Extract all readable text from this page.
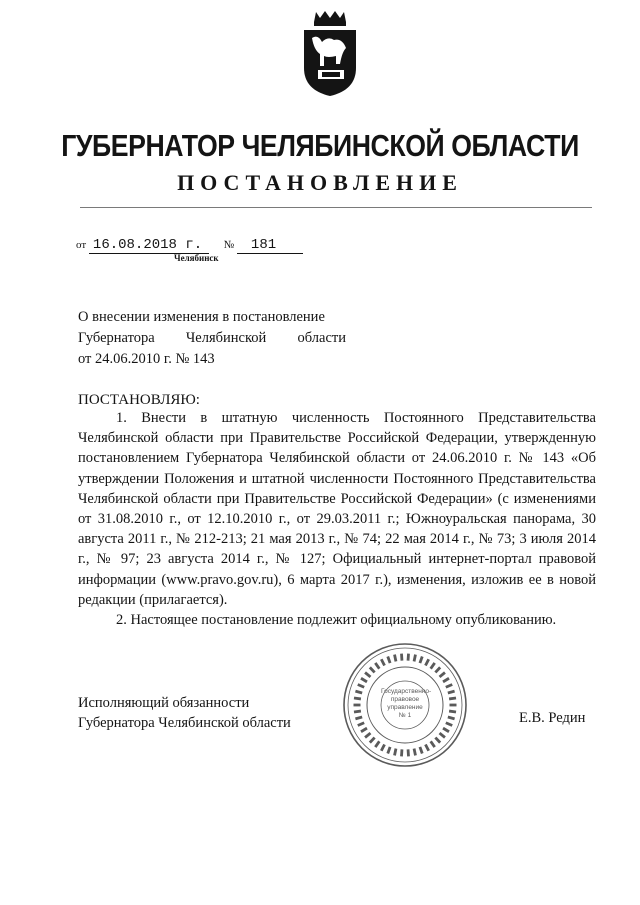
ГУБЕРНАТОР ЧЕЛЯБИНСКОЙ ОБЛАСТИ
ПОСТАНОВЛЕНИЕ
от 16.08.2018 г. № 181
Челябинск
О внесении изменения в постановление
Губернатора Челябинской области
от 24.06.2010 г. № 143
ПОСТАНОВЛЯЮ:

1. Внести в штатную численность Постоянного Представительства Челябинской области при Правительстве Российской Федерации, утвержденную постановлением Губернатора Челябинской области от 24.06.2010 г. № 143 «Об утверждении Положения и штатной численности Постоянного Представительства Челябинской области при Правительстве Российской Федерации» (с изменениями от 31.08.2010 г., от 12.10.2010 г., от 29.03.2011 г.; Южноуральская панорама, 30 августа 2011 г., № 212-213; 21 мая 2013 г., № 74; 22 мая 2014 г., № 73; 3 июля 2014 г., № 97; 23 августа 2014 г., № 127; Официальный интернет-портал правовой информации (www.pravo.gov.ru), 6 марта 2017 г.), изменения, изложив ее в новой редакции (прилагается).

2. Настоящее постановление подлежит официальному опубликованию.

Государственно-
правовое
управление
№ 1
Исполняющий обязанности
Губернатора Челябинской области	Е.В. Редин
